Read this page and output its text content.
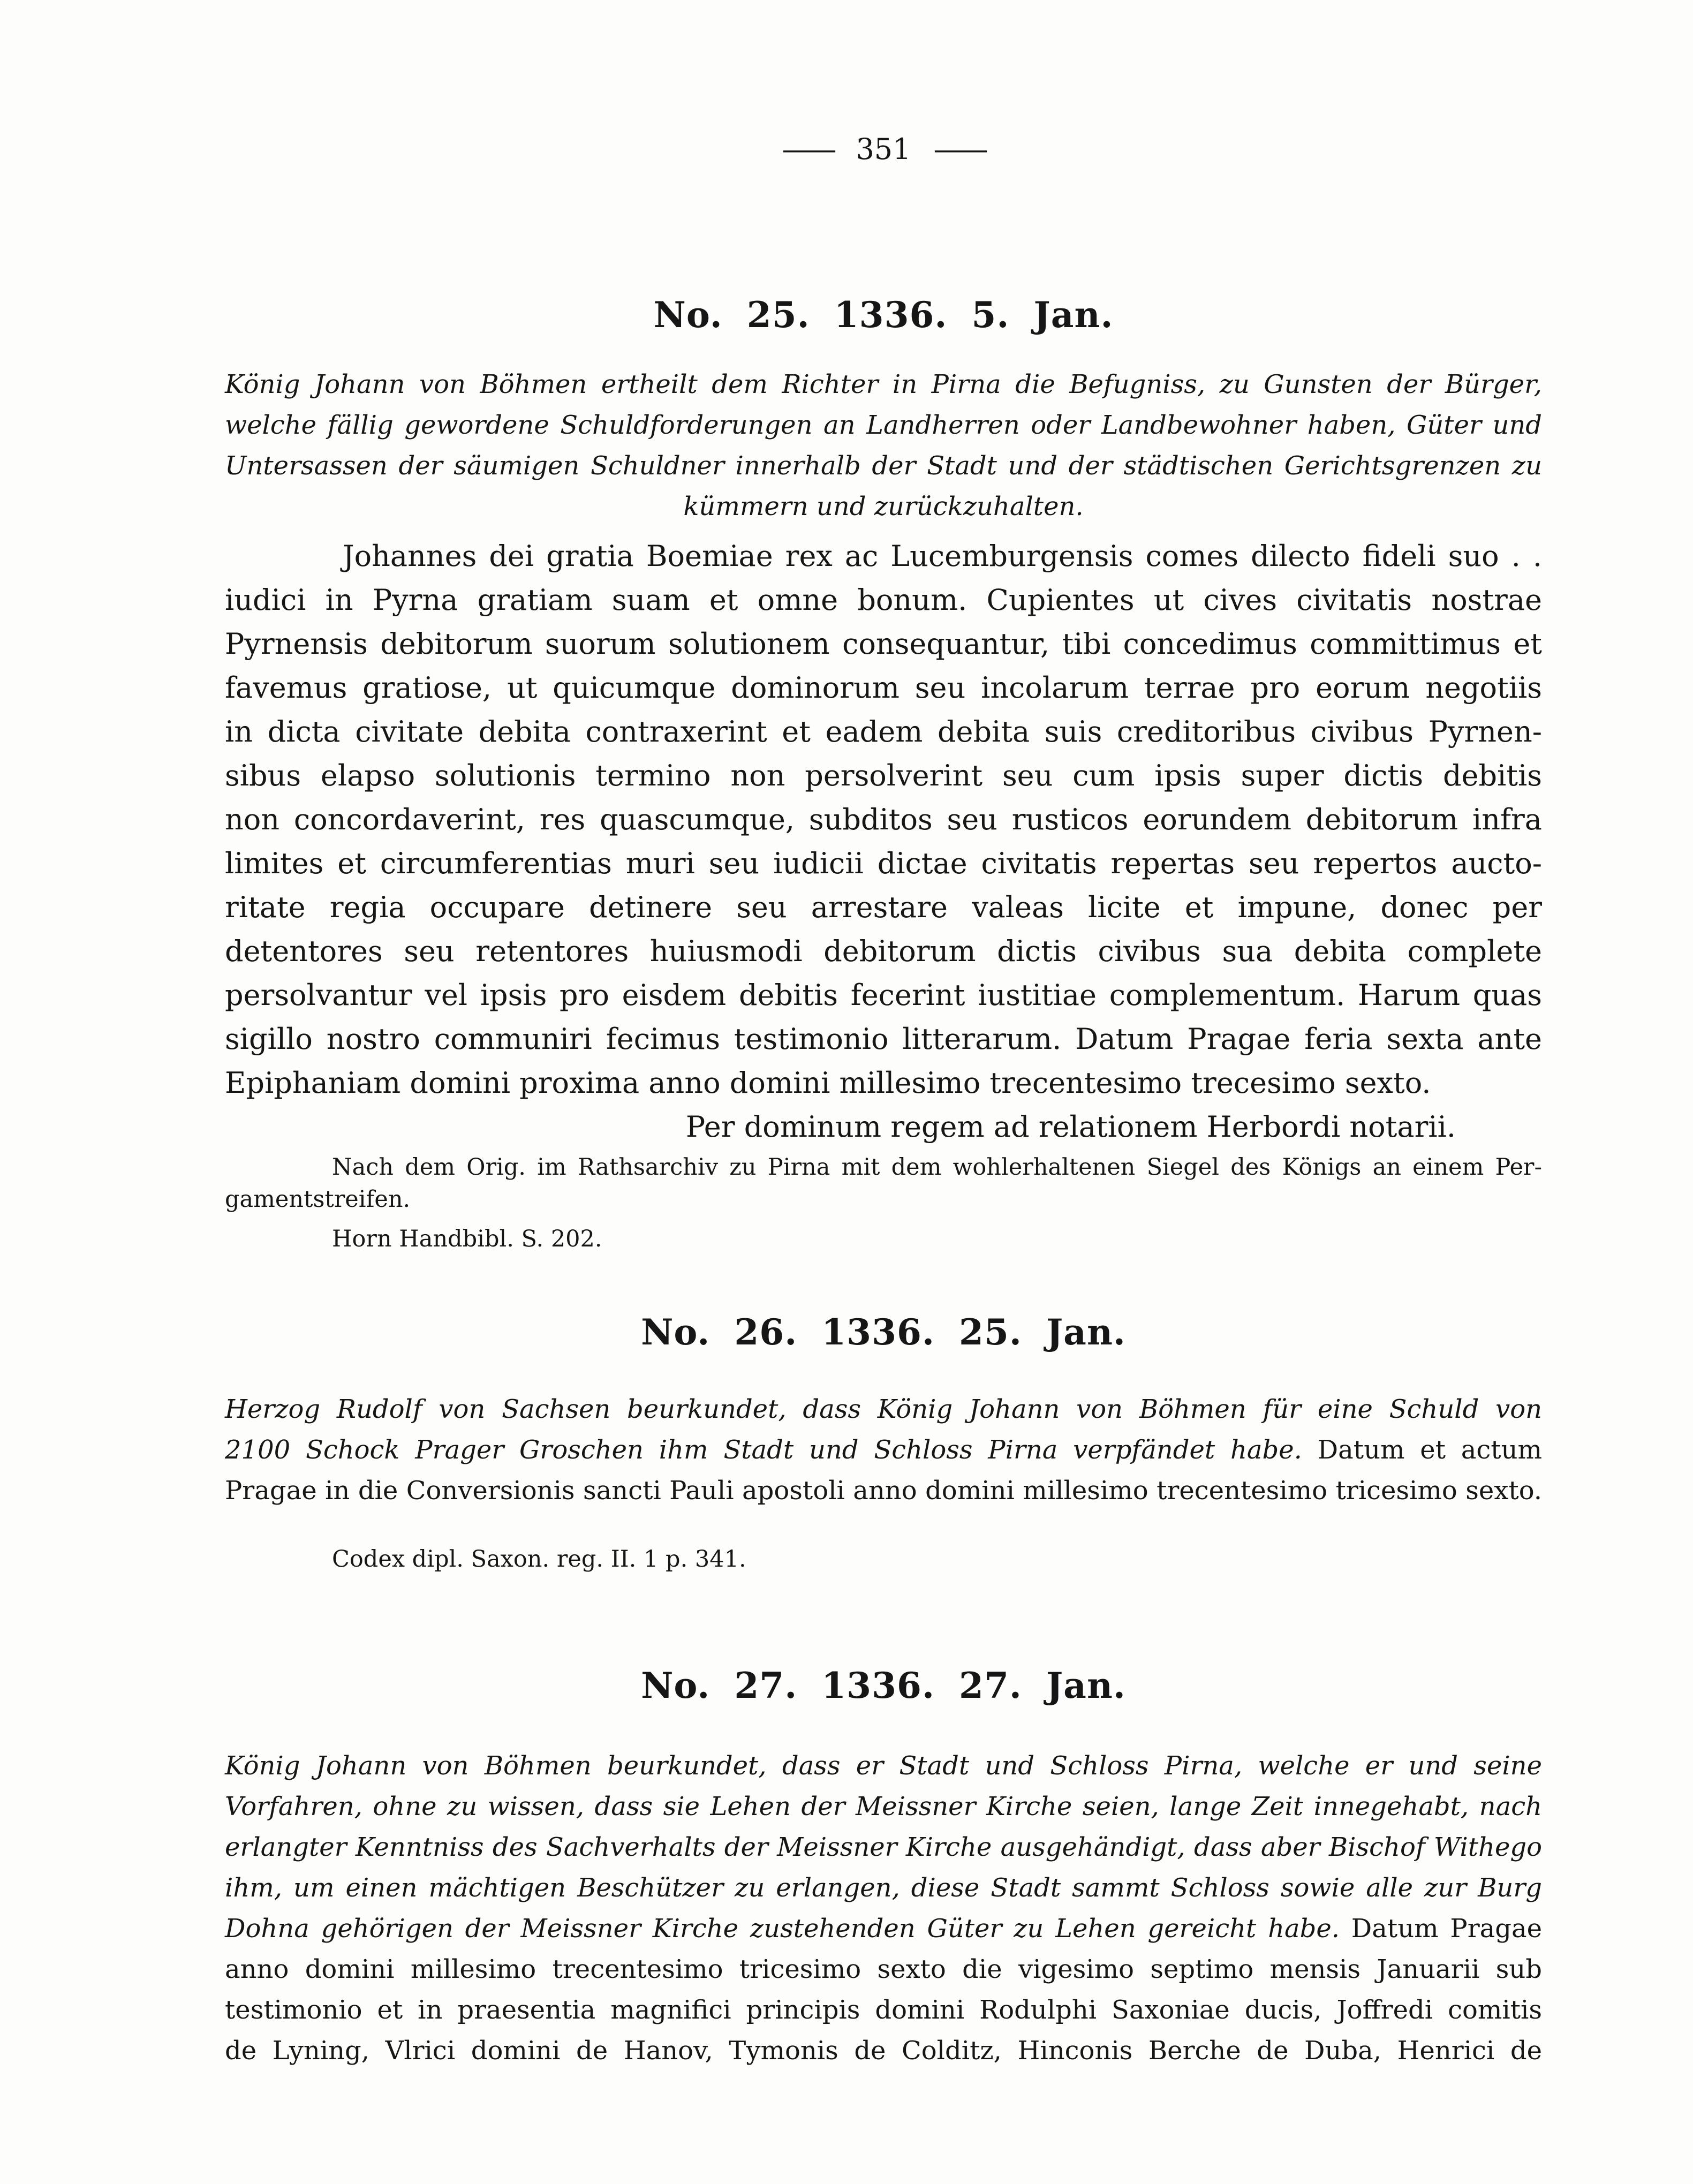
—— 351 ——
No. 25. 1336. 5. Jan.
König Johann von Böhmen ertheilt dem Richter in Pirna die Befugniss, zu Gunsten der Bürger,
welche fällig gewordene Schuldforderungen an Landherren oder Landbewohner haben, Güter und
Untersassen der säumigen Schuldner innerhalb der Stadt und der städtischen Gerichtsgrenzen zu
kümmern und zurückzuhalten.
Johannes dei gratia Boemiae rex ac Lucemburgensis comes dilecto fideli suo . .
iudici in Pyrna gratiam suam et omne bonum. Cupientes ut cives civitatis nostrae
Pyrnensis debitorum suorum solutionem consequantur, tibi concedimus committimus et
favemus gratiose, ut quicumque dominorum seu incolarum terrae pro eorum negotiis
in dicta civitate debita contraxerint et eadem debita suis creditoribus civibus Pyrnen-
sibus elapso solutionis termino non persolverint seu cum ipsis super dictis debitis
non concordaverint, res quascumque, subditos seu rusticos eorundem debitorum infra
limites et circumferentias muri seu iudicii dictae civitatis repertas seu repertos aucto-
ritate regia occupare detinere seu arrestare valeas licite et impune, donec per
detentores seu retentores huiusmodi debitorum dictis civibus sua debita complete
persolvantur vel ipsis pro eisdem debitis fecerint iustitiae complementum. Harum quas
sigillo nostro communiri fecimus testimonio litterarum. Datum Pragae feria sexta ante
Epiphaniam domini proxima anno domini millesimo trecentesimo trecesimo sexto.
Per dominum regem ad relationem Herbordi notarii.
Nach dem Orig. im Rathsarchiv zu Pirna mit dem wohlerhaltenen Siegel des Königs an einem Per-
gamentstreifen.
Horn Handbibl. S. 202.
No. 26. 1336. 25. Jan.
Herzog Rudolf von Sachsen beurkundet, dass König Johann von Böhmen für eine Schuld von
2100 Schock Prager Groschen ihm Stadt und Schloss Pirna verpfändet habe. Datum et actum
Pragae in die Conversionis sancti Pauli apostoli anno domini millesimo trecentesimo tricesimo sexto.
Codex dipl. Saxon. reg. II. 1 p. 341.
No. 27. 1336. 27. Jan.
König Johann von Böhmen beurkundet, dass er Stadt und Schloss Pirna, welche er und seine
Vorfahren, ohne zu wissen, dass sie Lehen der Meissner Kirche seien, lange Zeit innegehabt, nach
erlangter Kenntniss des Sachverhalts der Meissner Kirche ausgehändigt, dass aber Bischof Withego
ihm, um einen mächtigen Beschützer zu erlangen, diese Stadt sammt Schloss sowie alle zur Burg
Dohna gehörigen der Meissner Kirche zustehenden Güter zu Lehen gereicht habe. Datum Pragae
anno domini millesimo trecentesimo tricesimo sexto die vigesimo septimo mensis Januarii sub
testimonio et in praesentia magnifici principis domini Rodulphi Saxoniae ducis, Joffredi comitis
de Lyning, Vlrici domini de Hanov, Tymonis de Colditz, Hinconis Berche de Duba, Henrici de
